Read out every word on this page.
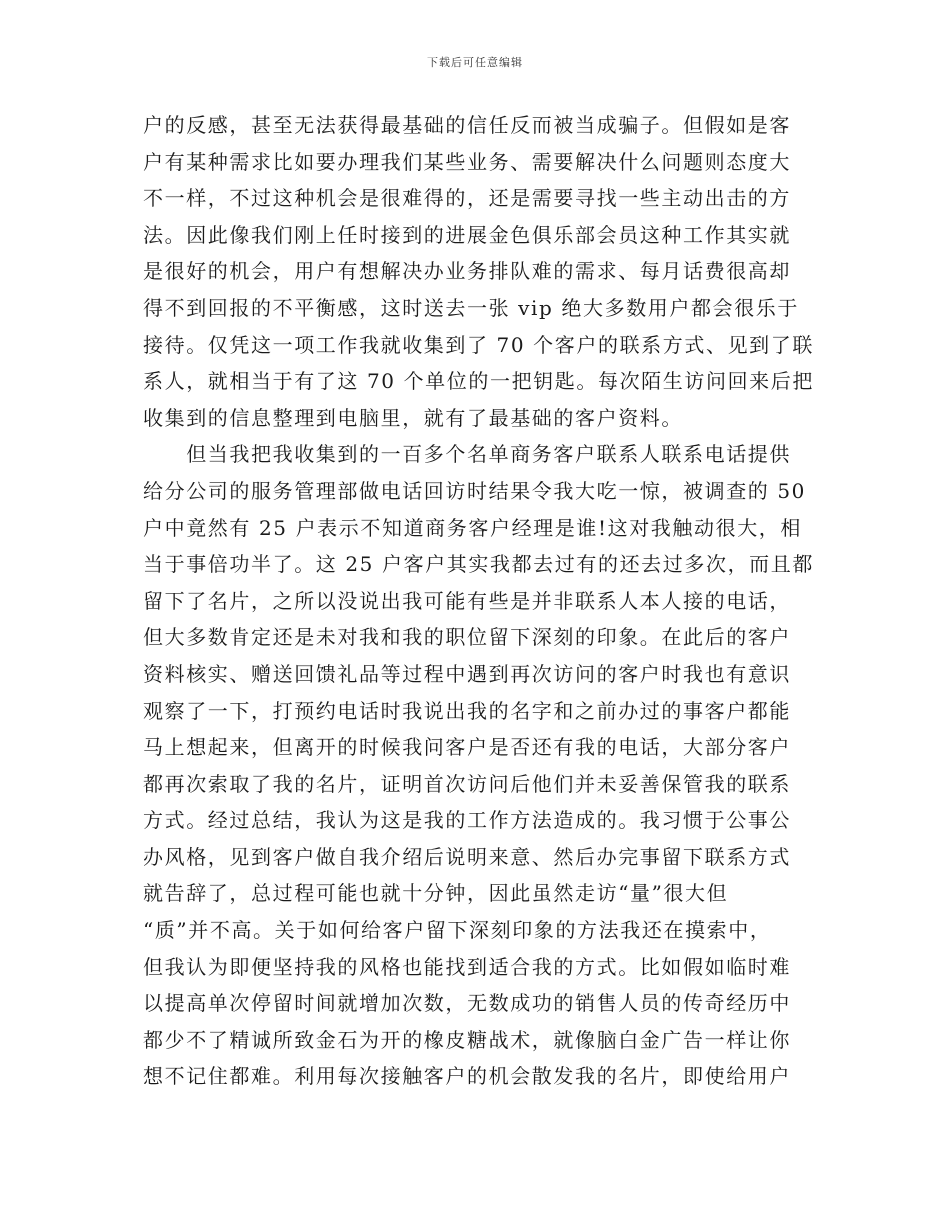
下载后可任意编辑
户的反感，甚至无法获得最基础的信任反而被当成骗子。但假如是客
户有某种需求比如要办理我们某些业务、需要解决什么问题则态度大
不一样，不过这种机会是很难得的，还是需要寻找一些主动出击的方
法。因此像我们刚上任时接到的进展金色俱乐部会员这种工作其实就
是很好的机会，用户有想解决办业务排队难的需求、每月话费很高却
得不到回报的不平衡感，这时送去一张 vip 绝大多数用户都会很乐于
接待。仅凭这一项工作我就收集到了 70 个客户的联系方式、见到了联
系人，就相当于有了这 70 个单位的一把钥匙。每次陌生访问回来后把
收集到的信息整理到电脑里，就有了最基础的客户资料。
　　但当我把我收集到的一百多个名单商务客户联系人联系电话提供
给分公司的服务管理部做电话回访时结果令我大吃一惊，被调查的 50
户中竟然有 25 户表示不知道商务客户经理是谁!这对我触动很大，相
当于事倍功半了。这 25 户客户其实我都去过有的还去过多次，而且都
留下了名片，之所以没说出我可能有些是并非联系人本人接的电话，
但大多数肯定还是未对我和我的职位留下深刻的印象。在此后的客户
资料核实、赠送回馈礼品等过程中遇到再次访问的客户时我也有意识
观察了一下，打预约电话时我说出我的名字和之前办过的事客户都能
马上想起来，但离开的时候我问客户是否还有我的电话，大部分客户
都再次索取了我的名片，证明首次访问后他们并未妥善保管我的联系
方式。经过总结，我认为这是我的工作方法造成的。我习惯于公事公
办风格，见到客户做自我介绍后说明来意、然后办完事留下联系方式
就告辞了，总过程可能也就十分钟，因此虽然走访“量”很大但
“质”并不高。关于如何给客户留下深刻印象的方法我还在摸索中，
但我认为即便坚持我的风格也能找到适合我的方式。比如假如临时难
以提高单次停留时间就增加次数，无数成功的销售人员的传奇经历中
都少不了精诚所致金石为开的橡皮糖战术，就像脑白金广告一样让你
想不记住都难。利用每次接触客户的机会散发我的名片，即使给用户
